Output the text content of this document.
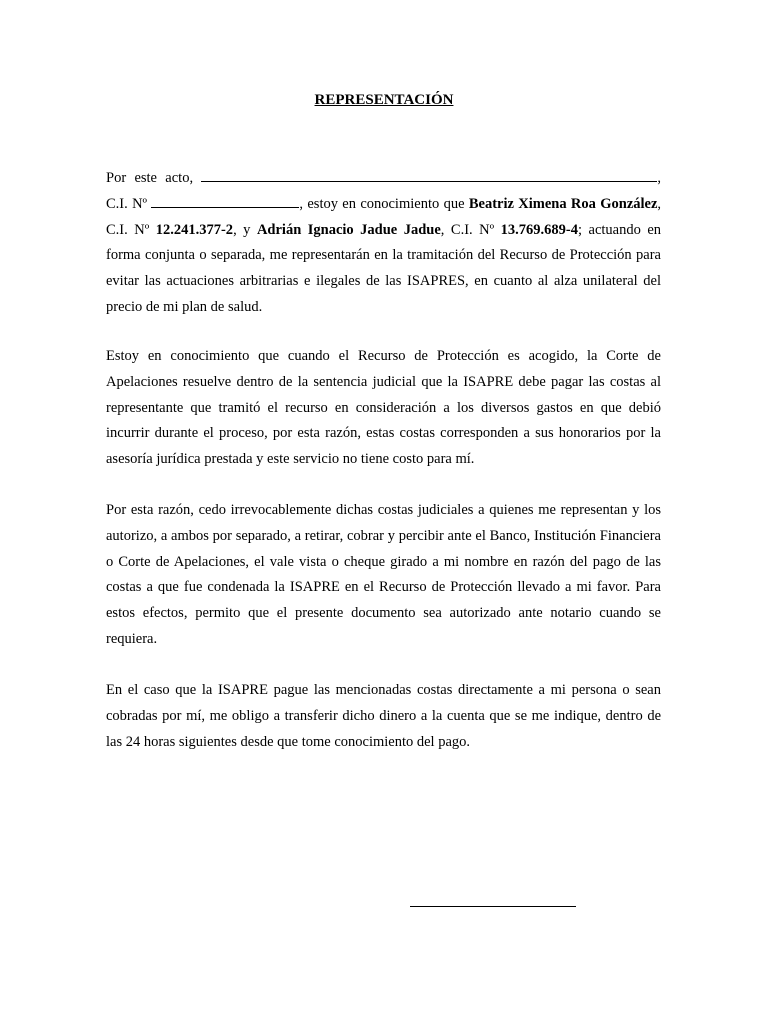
REPRESENTACIÓN

Por este acto,	, C.I. Nº	, estoy en conocimiento que Beatriz Ximena Roa González, C.I. Nº 12.241.377-2, y Adrián Ignacio Jadue Jadue, C.I. Nº 13.769.689-4; actuando en forma conjunta o separada, me representarán en la tramitación del Recurso de Protección para evitar las actuaciones arbitrarias e ilegales de las ISAPRES, en cuanto al alza unilateral del precio de mi plan de salud.

Estoy en conocimiento que cuando el Recurso de Protección es acogido, la Corte de Apelaciones resuelve dentro de la sentencia judicial que la ISAPRE debe pagar las costas al representante que tramitó el recurso en consideración a los diversos gastos en que debió incurrir durante el proceso, por esta razón, estas costas corresponden a sus honorarios por la asesoría jurídica prestada y este servicio no tiene costo para mí.

Por esta razón, cedo irrevocablemente dichas costas judiciales a quienes me representan y los autorizo, a ambos por separado, a retirar, cobrar y percibir ante el Banco, Institución Financiera o Corte de Apelaciones, el vale vista o cheque girado a mi nombre en razón del pago de las costas a que fue condenada la ISAPRE en el Recurso de Protección llevado a mi favor. Para estos efectos, permito que el presente documento sea autorizado ante notario cuando se requiera.

En el caso que la ISAPRE pague las mencionadas costas directamente a mi persona o sean cobradas por mí, me obligo a transferir dicho dinero a la cuenta que se me indique, dentro de las 24 horas siguientes desde que tome conocimiento del pago.
